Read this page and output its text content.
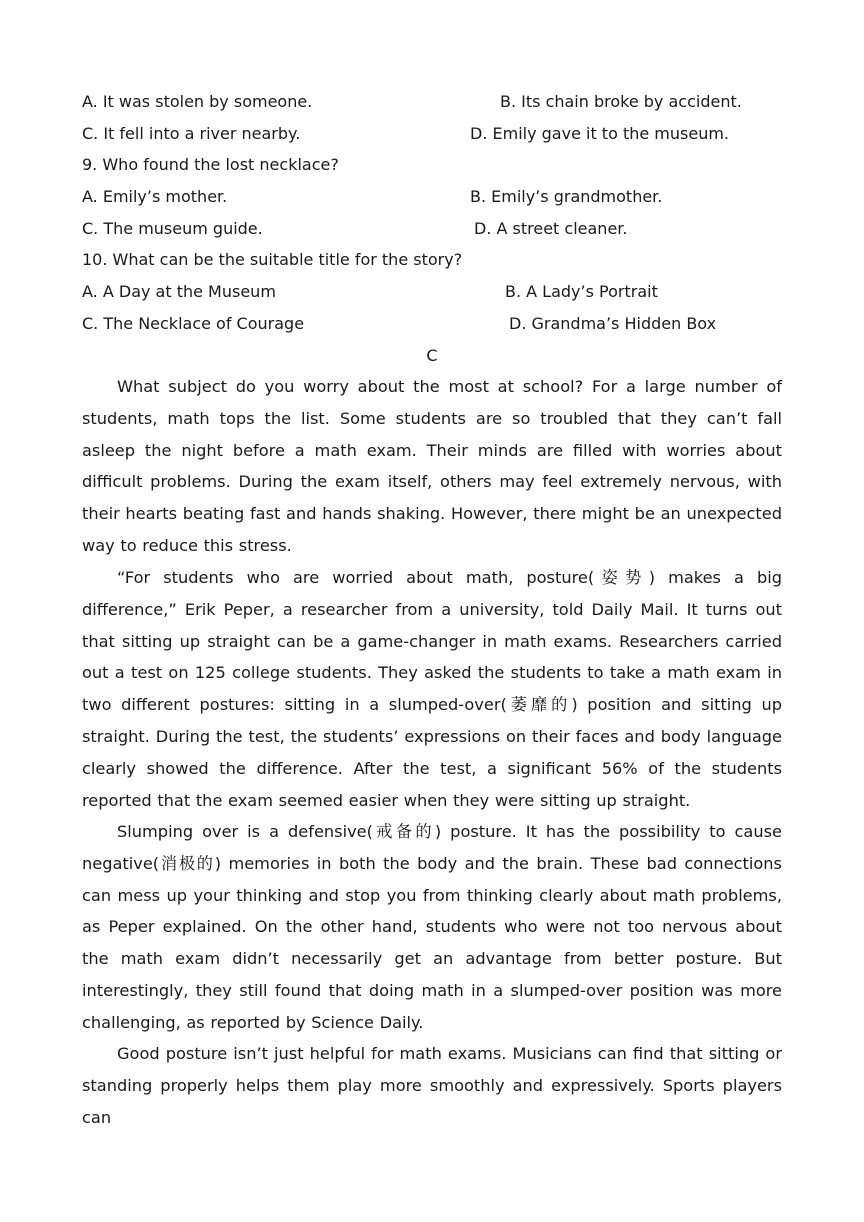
A. It was stolen by someone.	B. Its chain broke by accident.
C. It fell into a river nearby.	D. Emily gave it to the museum.
9. Who found the lost necklace?
A. Emily’s mother.	B. Emily’s grandmother.
C. The museum guide.	D. A street cleaner.
10. What can be the suitable title for the story?
A. A Day at the Museum	B. A Lady’s Portrait
C. The Necklace of Courage	D. Grandma’s Hidden Box
C
What subject do you worry about the most at school? For a large number of students, math tops the list. Some students are so troubled that they can’t fall asleep the night before a math exam. Their minds are filled with worries about difficult problems. During the exam itself, others may feel extremely nervous, with their hearts beating fast and hands shaking. However, there might be an unexpected way to reduce this stress.
“For students who are worried about math, posture(姿势) makes a big difference,” Erik Peper, a researcher from a university, told Daily Mail. It turns out that sitting up straight can be a game-changer in math exams. Researchers carried out a test on 125 college students. They asked the students to take a math exam in two different postures: sitting in a slumped-over(萎靡的) position and sitting up straight. During the test, the students’ expressions on their faces and body language clearly showed the difference. After the test, a significant 56% of the students reported that the exam seemed easier when they were sitting up straight.
Slumping over is a defensive(戒备的) posture. It has the possibility to cause negative(消极的) memories in both the body and the brain. These bad connections can mess up your thinking and stop you from thinking clearly about math problems, as Peper explained. On the other hand, students who were not too nervous about the math exam didn’t necessarily get an advantage from better posture. But interestingly, they still found that doing math in a slumped-over position was more challenging, as reported by Science Daily.
Good posture isn’t just helpful for math exams. Musicians can find that sitting or standing properly helps them play more smoothly and expressively. Sports players can
